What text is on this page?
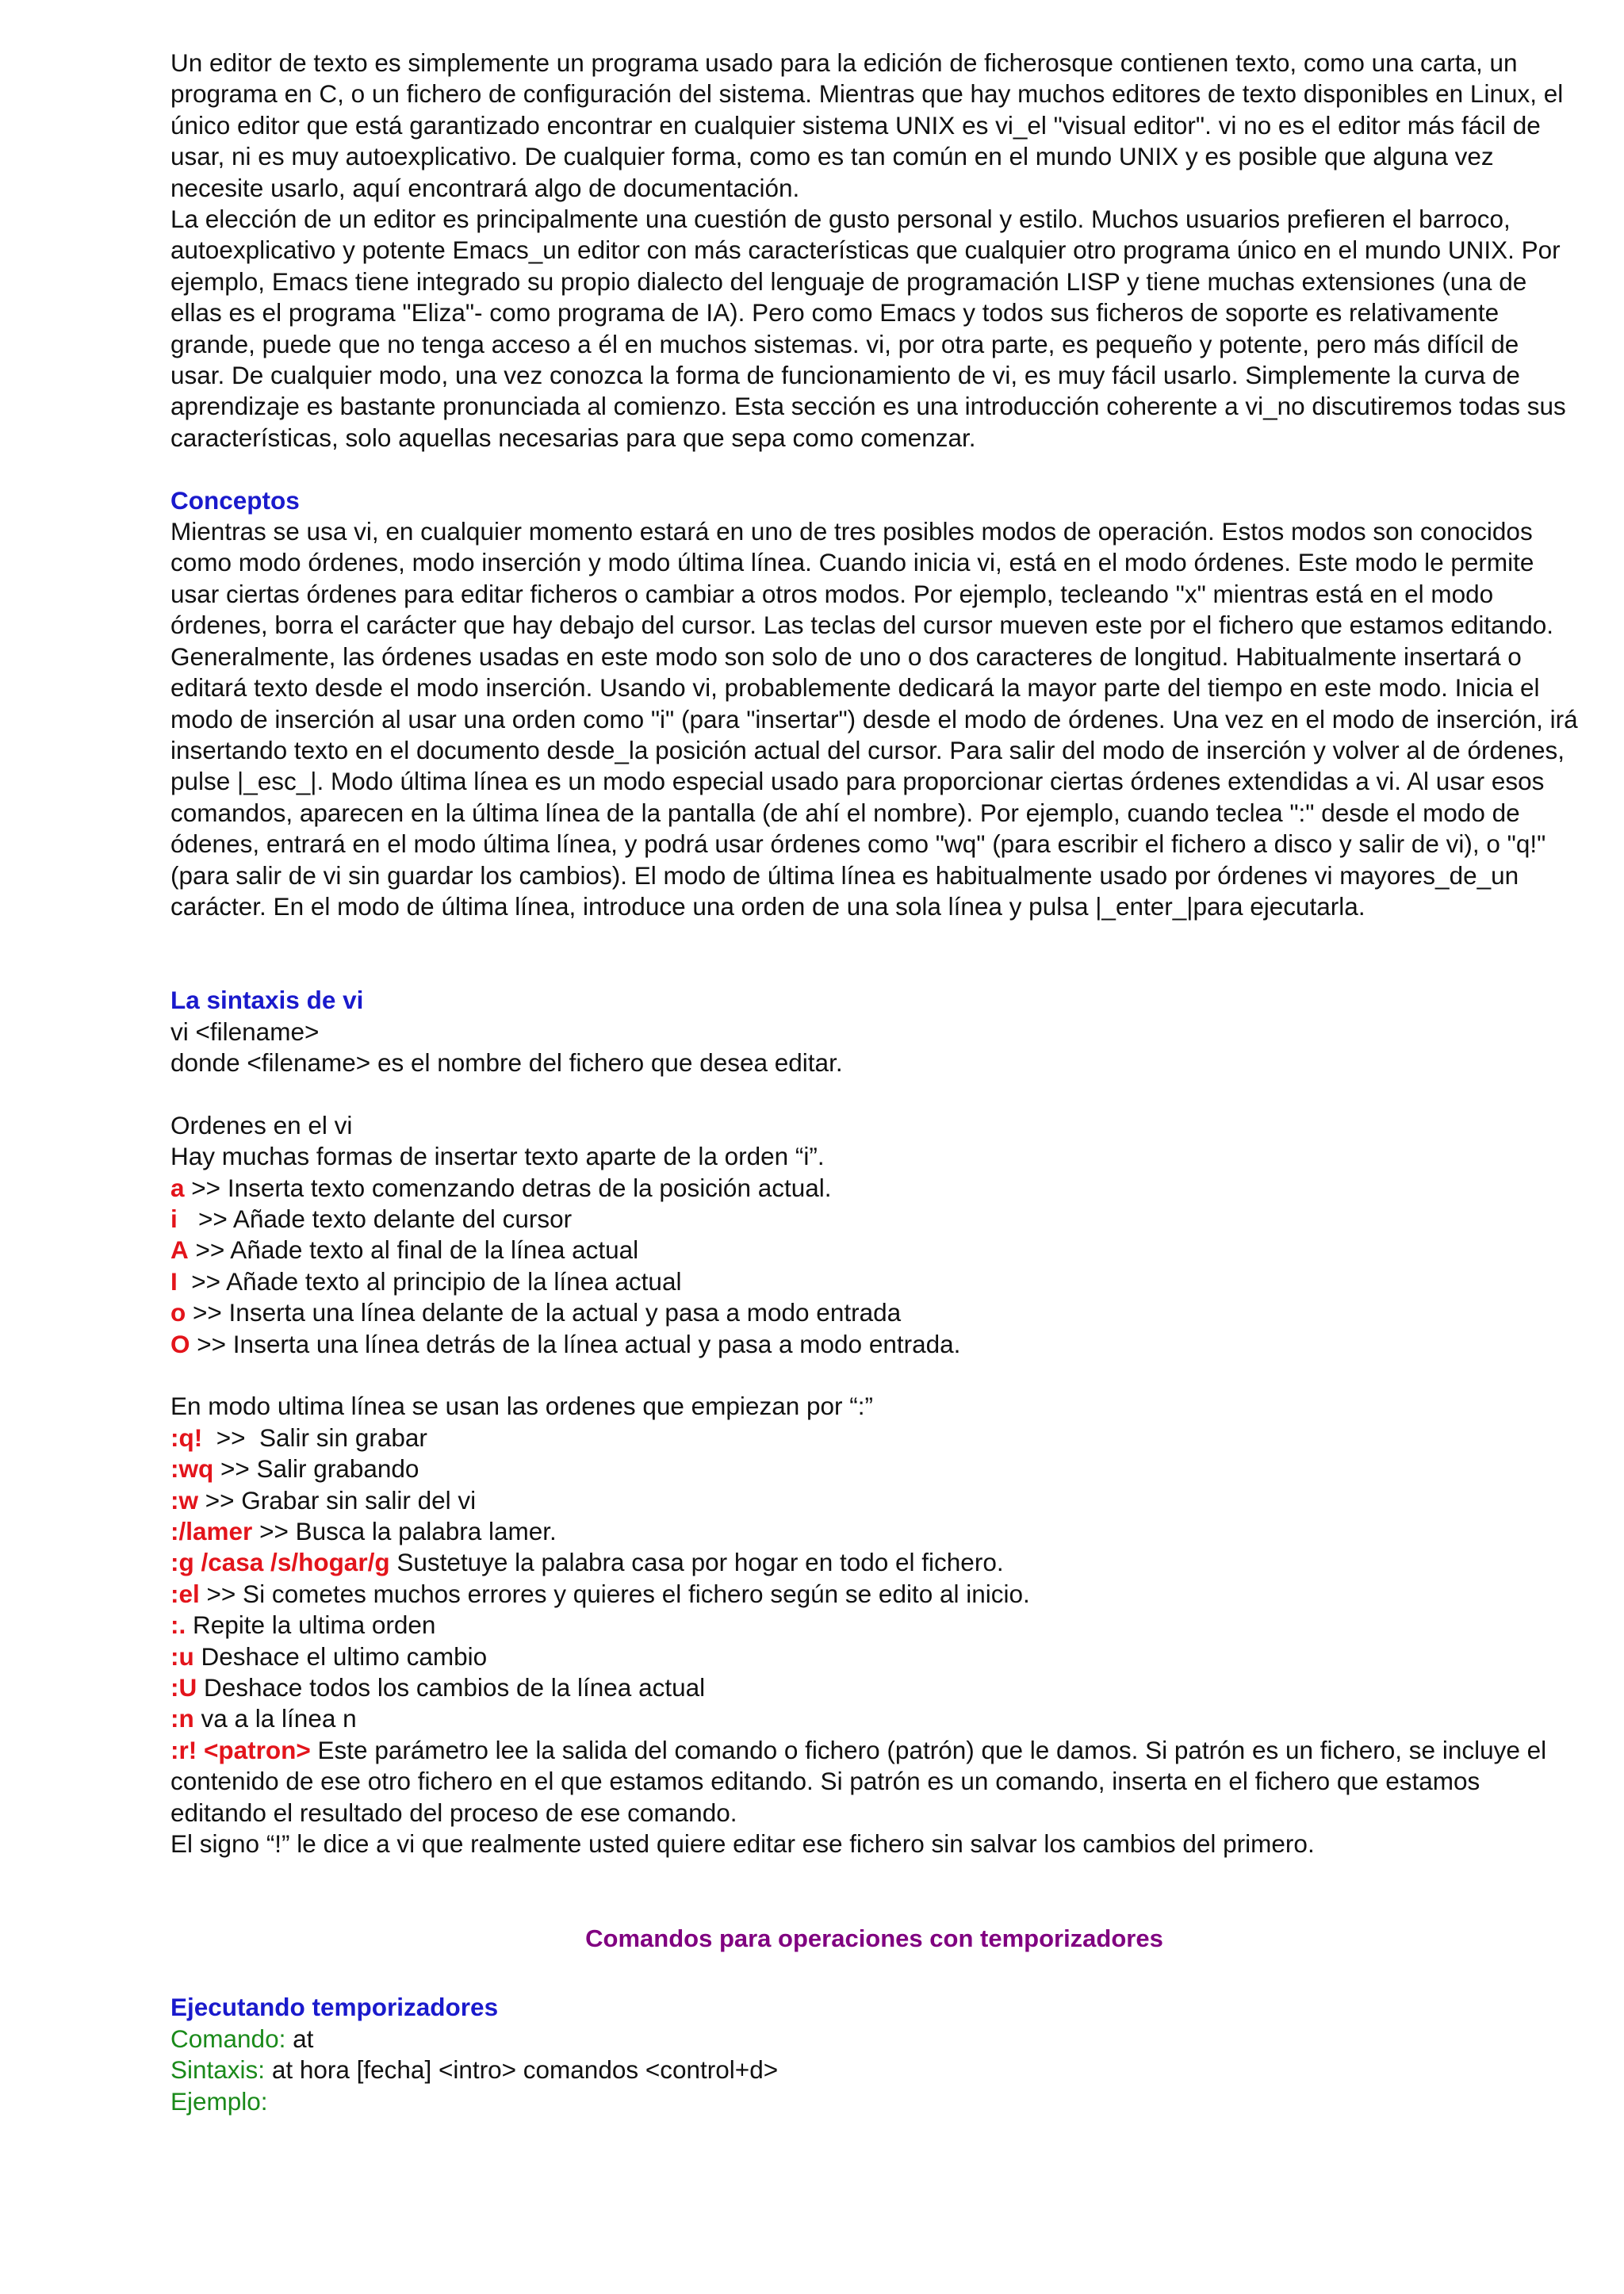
Un editor de texto es simplemente un programa usado para la edición de ficherosque contienen texto, como una carta, un programa en C, o un fichero de configuración del sistema. Mientras que hay muchos editores de texto disponibles en Linux, el único editor que está garantizado encontrar en cualquier sistema UNIX es vi_el "visual editor". vi no es el editor más fácil de usar, ni es muy autoexplicativo. De cualquier forma, como es tan común en el mundo UNIX y es posible que alguna vez necesite usarlo, aquí encontrará algo de documentación.

La elección de un editor es principalmente una cuestión de gusto personal y estilo. Muchos usuarios prefieren el barroco, autoexplicativo y potente Emacs_un editor con más características que cualquier otro programa único en el mundo UNIX. Por ejemplo, Emacs tiene integrado su propio dialecto del lenguaje de programación LISP y tiene muchas extensiones (una de ellas es el programa "Eliza"- como programa de IA). Pero como Emacs y todos sus ficheros de soporte es relativamente grande, puede que no tenga acceso a él en muchos sistemas. vi, por otra parte, es pequeño y potente, pero más difícil de usar. De cualquier modo, una vez conozca la forma de funcionamiento de vi, es muy fácil usarlo. Simplemente la curva de aprendizaje es bastante pronunciada al comienzo. Esta sección es una introducción coherente a vi_no discutiremos todas sus características, solo aquellas necesarias para que sepa como comenzar.

Conceptos

Mientras se usa vi, en cualquier momento estará en uno de tres posibles modos de operación. Estos modos son conocidos como modo órdenes, modo inserción y modo última línea. Cuando inicia vi, está en el modo órdenes. Este modo le permite usar ciertas órdenes para editar ficheros o cambiar a otros modos. Por ejemplo, tecleando "x" mientras está en el modo órdenes, borra el carácter que hay debajo del cursor. Las teclas del cursor mueven este por el fichero que estamos editando. Generalmente, las órdenes usadas en este modo son solo de uno o dos caracteres de longitud. Habitualmente insertará o editará texto desde el modo inserción. Usando vi, probablemente dedicará la mayor parte del tiempo en este modo. Inicia el modo de inserción al usar una orden como "i" (para "insertar") desde el modo de órdenes. Una vez en el modo de inserción, irá insertando texto en el documento desde_la posición actual del cursor. Para salir del modo de inserción y volver al de órdenes, pulse |_esc_|. Modo última línea es un modo especial usado para proporcionar ciertas órdenes extendidas a vi. Al usar esos comandos, aparecen en la última línea de la pantalla (de ahí el nombre). Por ejemplo, cuando teclea ":" desde el modo de ódenes, entrará en el modo última línea, y podrá usar órdenes como "wq" (para escribir el fichero a disco y salir de vi), o "q!" (para salir de vi sin guardar los cambios). El modo de última línea es habitualmente usado por órdenes vi mayores_de_un carácter. En el modo de última línea, introduce una orden de una sola línea y pulsa |_enter_|para ejecutarla.

La sintaxis de vi

vi <filename>

donde <filename> es el nombre del fichero que desea editar.

Ordenes en el vi

Hay muchas formas de insertar texto aparte de la orden “i”.

a >> Inserta texto comenzando detras de la posición actual.

i   >> Añade texto delante del cursor

A >> Añade texto al final de la línea actual

I  >> Añade texto al principio de la línea actual

o >> Inserta una línea delante de la actual y pasa a modo entrada

O >> Inserta una línea detrás de la línea actual y pasa a modo entrada.

En modo ultima línea se usan las ordenes que empiezan por “:”

:q!  >>  Salir sin grabar

:wq >> Salir grabando

:w >> Grabar sin salir del vi

:/lamer >> Busca la palabra lamer.

:g /casa /s/hogar/g Sustetuye la palabra casa por hogar en todo el fichero.

:el >> Si cometes muchos errores y quieres el fichero según se edito al inicio.

:. Repite la ultima orden

:u Deshace el ultimo cambio

:U Deshace todos los cambios de la línea actual

:n va a la línea n

:r! <patron> Este parámetro lee la salida del comando o fichero (patrón) que le damos. Si patrón es un fichero, se incluye el contenido de ese otro fichero en el que estamos editando. Si patrón es un comando, inserta en el fichero que estamos editando el resultado del proceso de ese comando.

El signo “!” le dice a vi que realmente usted quiere editar ese fichero sin salvar los cambios del primero.

Comandos para operaciones con temporizadores

Ejecutando temporizadores

Comando: at

Sintaxis: at hora [fecha] <intro> comandos <control+d>

Ejemplo:
